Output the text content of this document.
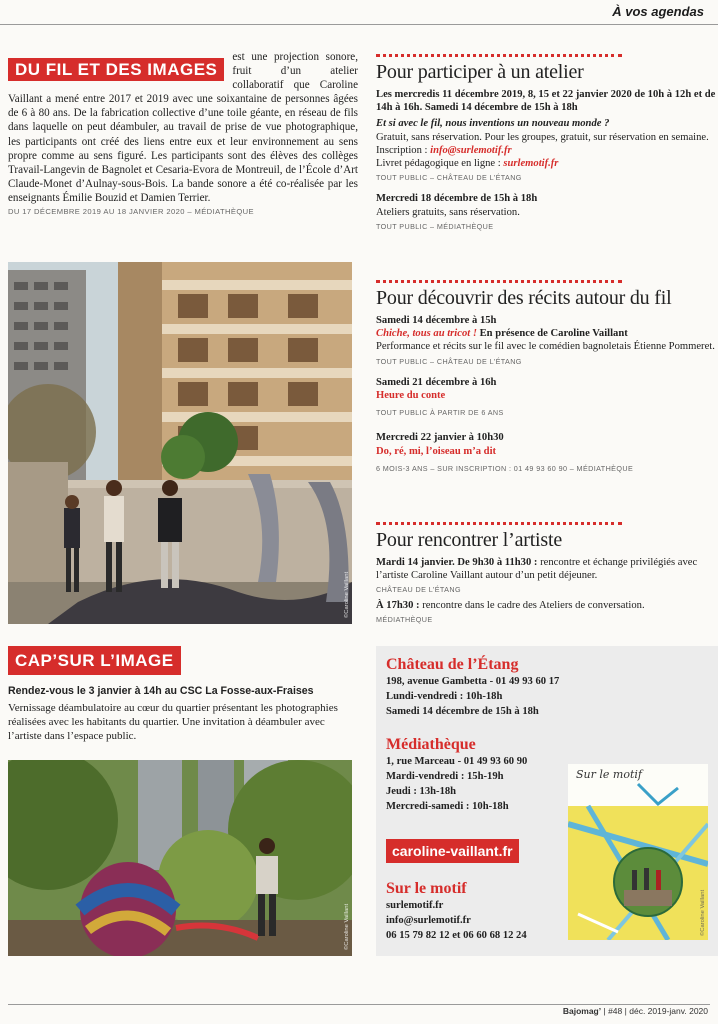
À vos agendas
DU FIL ET DES IMAGES
est une projection sonore, fruit d’un atelier collaboratif que Caroline Vaillant a mené entre 2017 et 2019 avec une soixantaine de personnes âgées de 6 à 80 ans. De la fabrication collective d’une toile géante, en réseau de fils dans laquelle on peut déambuler, au travail de prise de vue photographique, les participants ont créé des liens entre eux et leur environnement au sens propre comme au sens figuré. Les participants sont des élèves des collèges Travail-Langevin de Bagnolet et Cesaria-Evora de Montreuil, de l’École d’Art Claude-Monet d’Aulnay-sous-Bois. La bande sonore a été co-réalisée par les enseignants Émilie Bouzid et Damien Terrier.
DU 17 DÉCEMBRE 2019 AU 18 JANVIER 2020 – MÉDIATHÈQUE
©Caroline Vaillant
CAP’SUR L’IMAGE
Rendez-vous le 3 janvier à 14h au CSC La Fosse-aux-Fraises
Vernissage déambulatoire au cœur du quartier présentant les photographies réalisées avec les habitants du quartier. Une invitation à déambuler avec l’artiste dans l’espace public.
©Caroline Vaillant
Pour participer à un atelier
Les mercredis 11 décembre 2019, 8, 15 et 22 janvier 2020 de 10h à 12h et de 14h à 16h. Samedi 14 décembre de 15h à 18h
Et si avec le fil, nous inventions un nouveau monde ?
Gratuit, sans réservation. Pour les groupes, gratuit, sur réservation en semaine. Inscription : info@surlemotif.fr
Livret pédagogique en ligne : surlemotif.fr
TOUT PUBLIC – CHÂTEAU DE L’ÉTANG
Mercredi 18 décembre de 15h à 18h
Ateliers gratuits, sans réservation.
TOUT PUBLIC – MÉDIATHÈQUE
Pour découvrir des récits autour du fil
Samedi 14 décembre à 15h
Chiche, tous au tricot ! En présence de Caroline Vaillant
Performance et récits sur le fil avec le comédien bagnoletais Étienne Pommeret.
TOUT PUBLIC – CHÂTEAU DE L’ÉTANG
Samedi 21 décembre à 16h
Heure du conte
TOUT PUBLIC À PARTIR DE 6 ANS
Mercredi 22 janvier à 10h30
Do, ré, mi, l’oiseau m’a dit
6 MOIS-3 ANS – SUR INSCRIPTION : 01 49 93 60 90 – MÉDIATHÈQUE
Pour rencontrer l’artiste
Mardi 14 janvier. De 9h30 à 11h30 : rencontre et échange privilégiés avec l’artiste Caroline Vaillant autour d’un petit déjeuner.
CHÂTEAU DE L’ÉTANG
À 17h30 : rencontre dans le cadre des Ateliers de conversation.
MÉDIATHÈQUE
Château de l’Étang
198, avenue Gambetta - 01 49 93 60 17
Lundi-vendredi : 10h-18h
Samedi 14 décembre de 15h à 18h
Médiathèque
1, rue Marceau - 01 49 93 60 90
Mardi-vendredi : 15h-19h
Jeudi : 13h-18h
Mercredi-samedi : 10h-18h
caroline-vaillant.fr
Sur le motif
surlemotif.fr
info@surlemotif.fr
06 15 79 82 12 et 06 60 68 12 24
Sur le motif
©Caroline Vaillant
Bajomag’ | #48 | déc. 2019-janv. 2020
